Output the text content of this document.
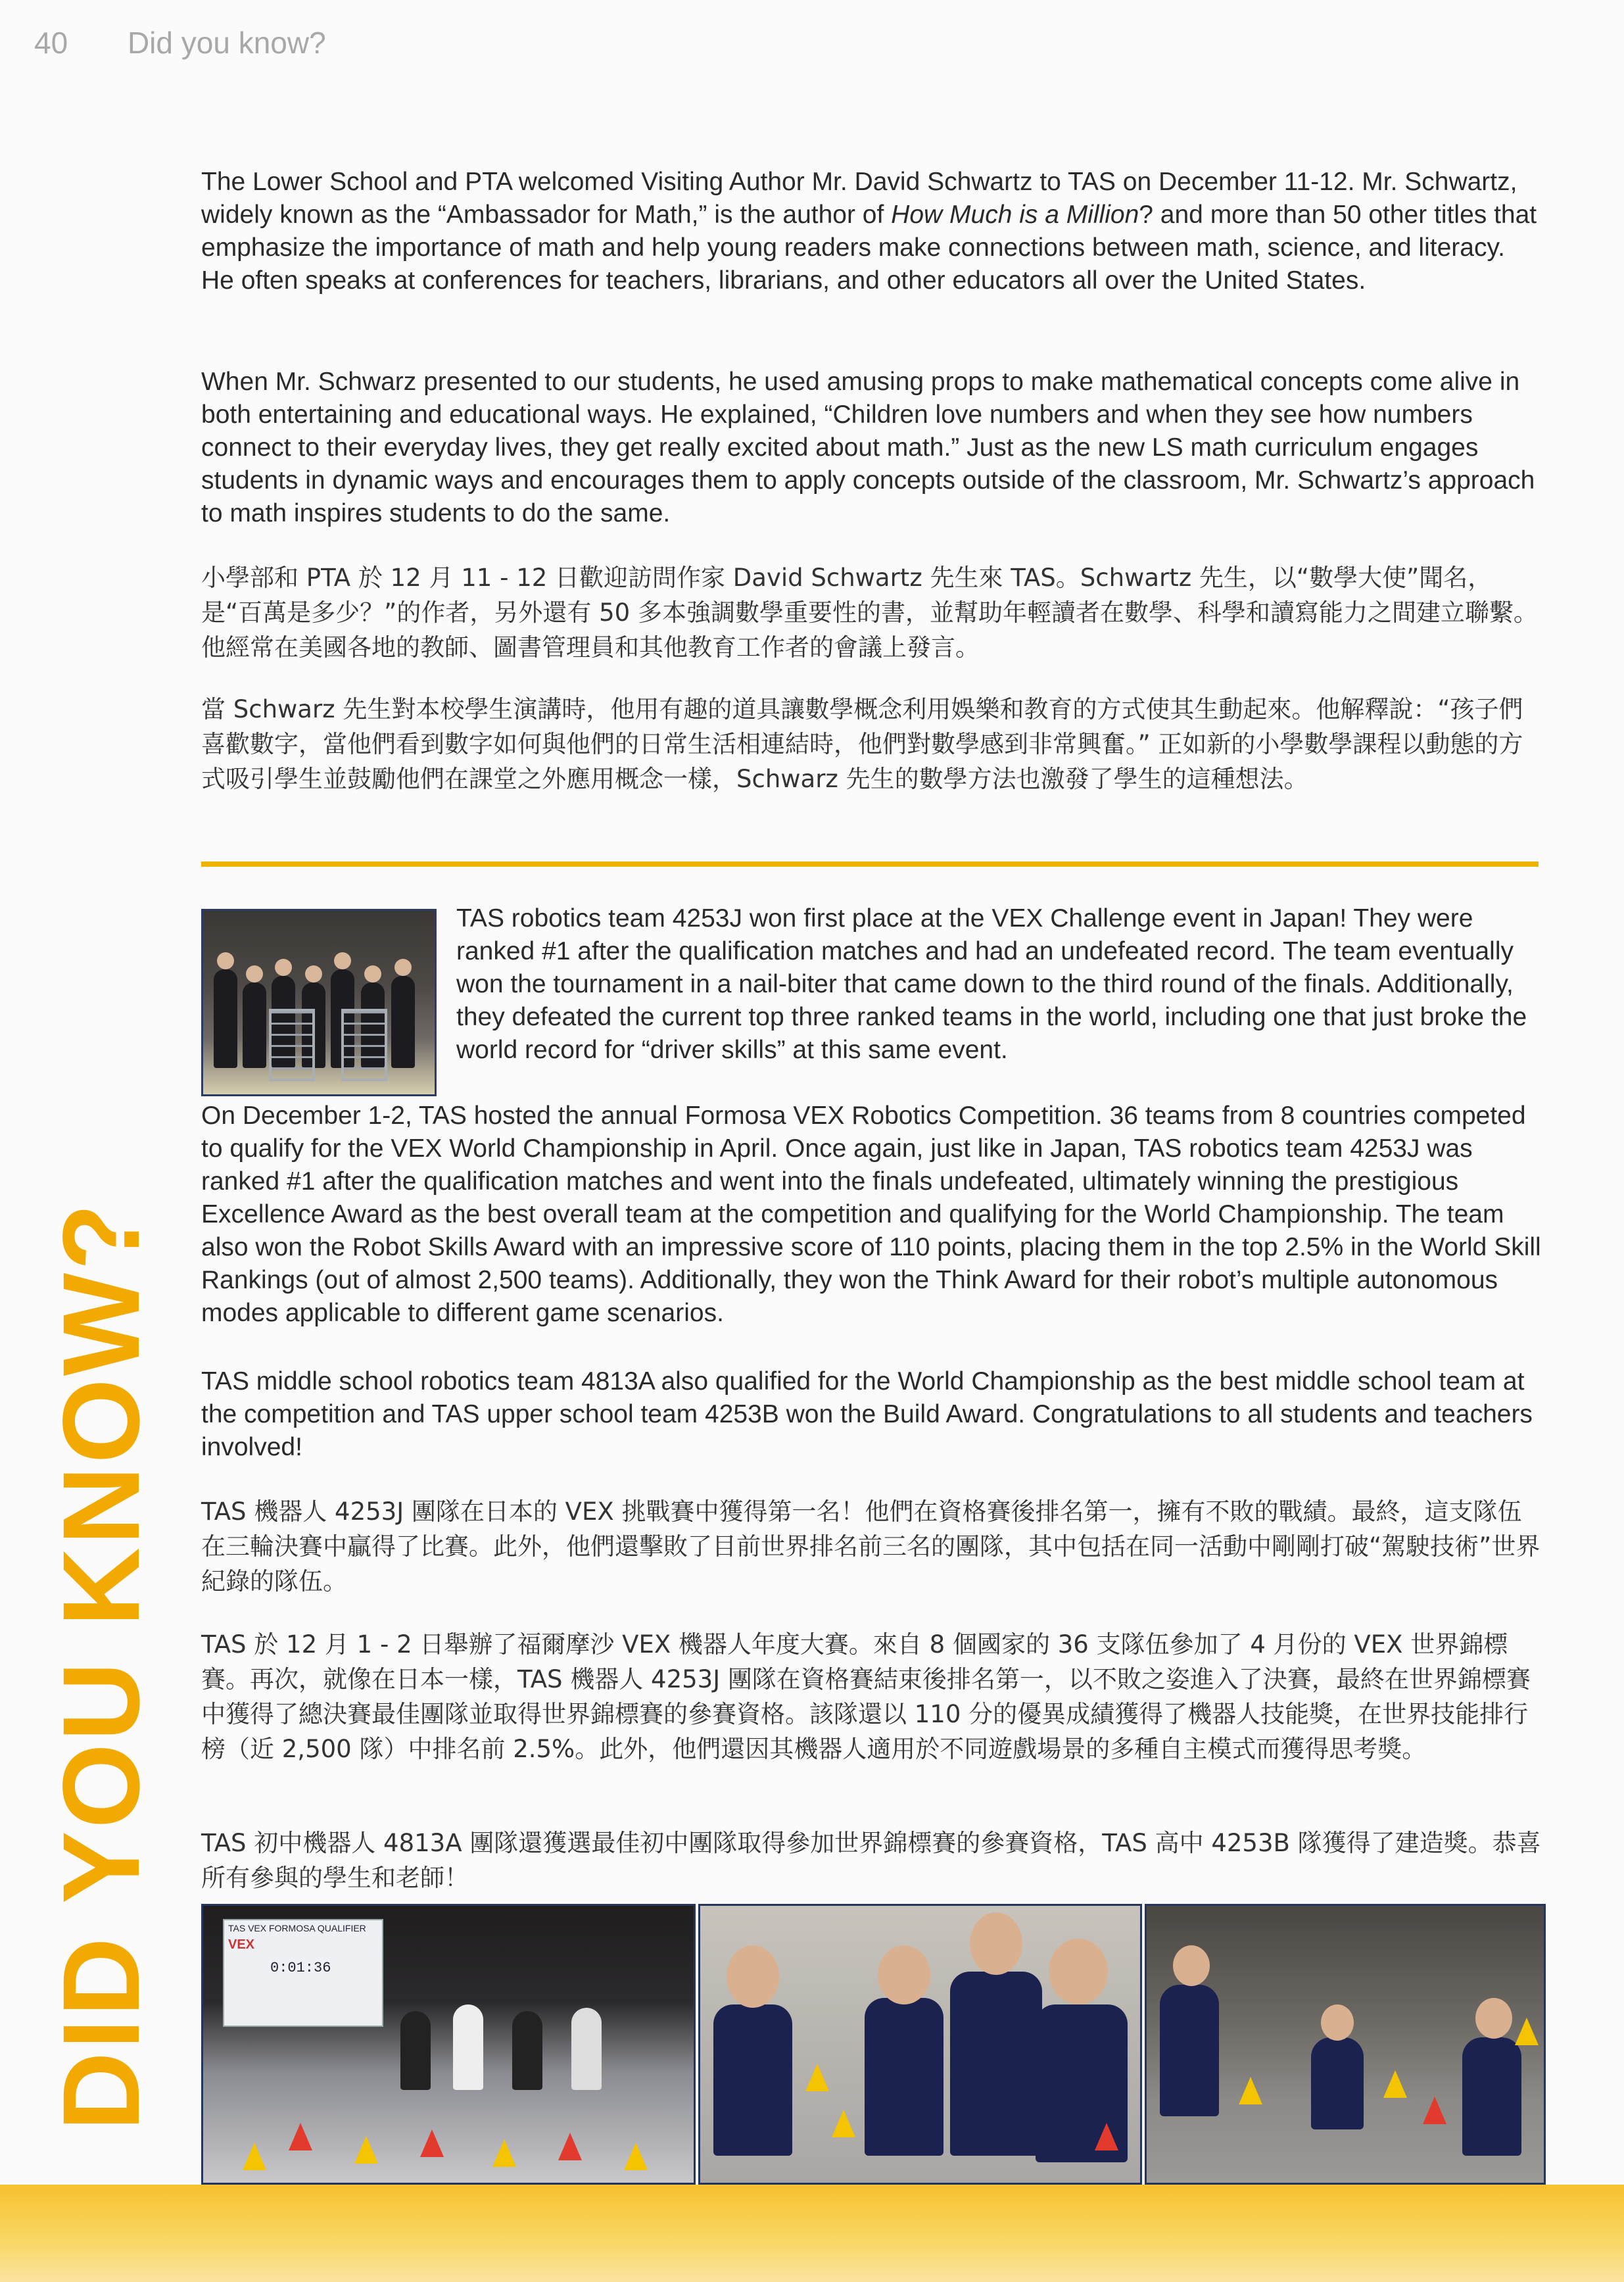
40 Did you know?
DID YOU KNOW?

The Lower School and PTA welcomed Visiting Author Mr. David Schwartz to TAS on December 11-12. Mr. Schwartz, widely known as the “Ambassador for Math,” is the author of How Much is a Million? and more than 50 other titles that emphasize the importance of math and help young readers make connections between math, science, and literacy. He often speaks at conferences for teachers, librarians, and other educators all over the United States.

When Mr. Schwarz presented to our students, he used amusing props to make mathematical concepts come alive in both entertaining and educational ways. He explained, “Children love numbers and when they see how numbers connect to their everyday lives, they get really excited about math.” Just as the new LS math curriculum engages students in dynamic ways and encourages them to apply concepts outside of the classroom, Mr. Schwartz’s approach to math inspires students to do the same.

小學部和 PTA 於 12 月 11 - 12 日歡迎訪問作家 David Schwartz 先生來 TAS。Schwartz 先生，以“數學大使”聞名，是“百萬是多少？”的作者，另外還有 50 多本強調數學重要性的書，並幫助年輕讀者在數學、科學和讀寫能力之間建立聯繫。他經常在美國各地的教師、圖書管理員和其他教育工作者的會議上發言。

當 Schwarz 先生對本校學生演講時，他用有趣的道具讓數學概念利用娛樂和教育的方式使其生動起來。他解釋說：“孩子們喜歡數字，當他們看到數字如何與他們的日常生活相連結時，他們對數學感到非常興奮。” 正如新的小學數學課程以動態的方式吸引學生並鼓勵他們在課堂之外應用概念一樣，Schwarz 先生的數學方法也激發了學生的這種想法。

TAS robotics team 4253J won first place at the VEX Challenge event in Japan! They were ranked #1 after the qualification matches and had an undefeated record. The team eventually won the tournament in a nail-biter that came down to the third round of the finals. Additionally, they defeated the current top three ranked teams in the world, including one that just broke the world record for “driver skills” at this same event.

On December 1-2, TAS hosted the annual Formosa VEX Robotics Competition. 36 teams from 8 countries competed to qualify for the VEX World Championship in April. Once again, just like in Japan, TAS robotics team 4253J was ranked #1 after the qualification matches and went into the finals undefeated, ultimately winning the prestigious Excellence Award as the best overall team at the competition and qualifying for the World Championship. The team also won the Robot Skills Award with an impressive score of 110 points, placing them in the top 2.5% in the World Skill Rankings (out of almost 2,500 teams). Additionally, they won the Think Award for their robot’s multiple autonomous modes applicable to different game scenarios.

TAS middle school robotics team 4813A also qualified for the World Championship as the best middle school team at the competition and TAS upper school team 4253B won the Build Award. Congratulations to all students and teachers involved!

TAS 機器人 4253J 團隊在日本的 VEX 挑戰賽中獲得第一名！他們在資格賽後排名第一，擁有不敗的戰績。最終，這支隊伍在三輪決賽中贏得了比賽。此外，他們還擊敗了目前世界排名前三名的團隊，其中包括在同一活動中剛剛打破“駕駛技術”世界紀錄的隊伍。

TAS 於 12 月 1 - 2 日舉辦了福爾摩沙 VEX 機器人年度大賽。來自 8 個國家的 36 支隊伍參加了 4 月份的 VEX 世界錦標賽。再次，就像在日本一樣，TAS 機器人 4253J 團隊在資格賽結束後排名第一，以不敗之姿進入了決賽，最終在世界錦標賽中獲得了總決賽最佳團隊並取得世界錦標賽的參賽資格。該隊還以 110 分的優異成績獲得了機器人技能獎，在世界技能排行榜（近 2,500 隊）中排名前 2.5%。此外，他們還因其機器人適用於不同遊戲場景的多種自主模式而獲得思考獎。

TAS 初中機器人 4813A 團隊還獲選最佳初中團隊取得參加世界錦標賽的參賽資格，TAS 高中 4253B 隊獲得了建造獎。恭喜所有參與的學生和老師！

TAS VEX FORMOSA QUALIFIER
VEX
0:01:36
